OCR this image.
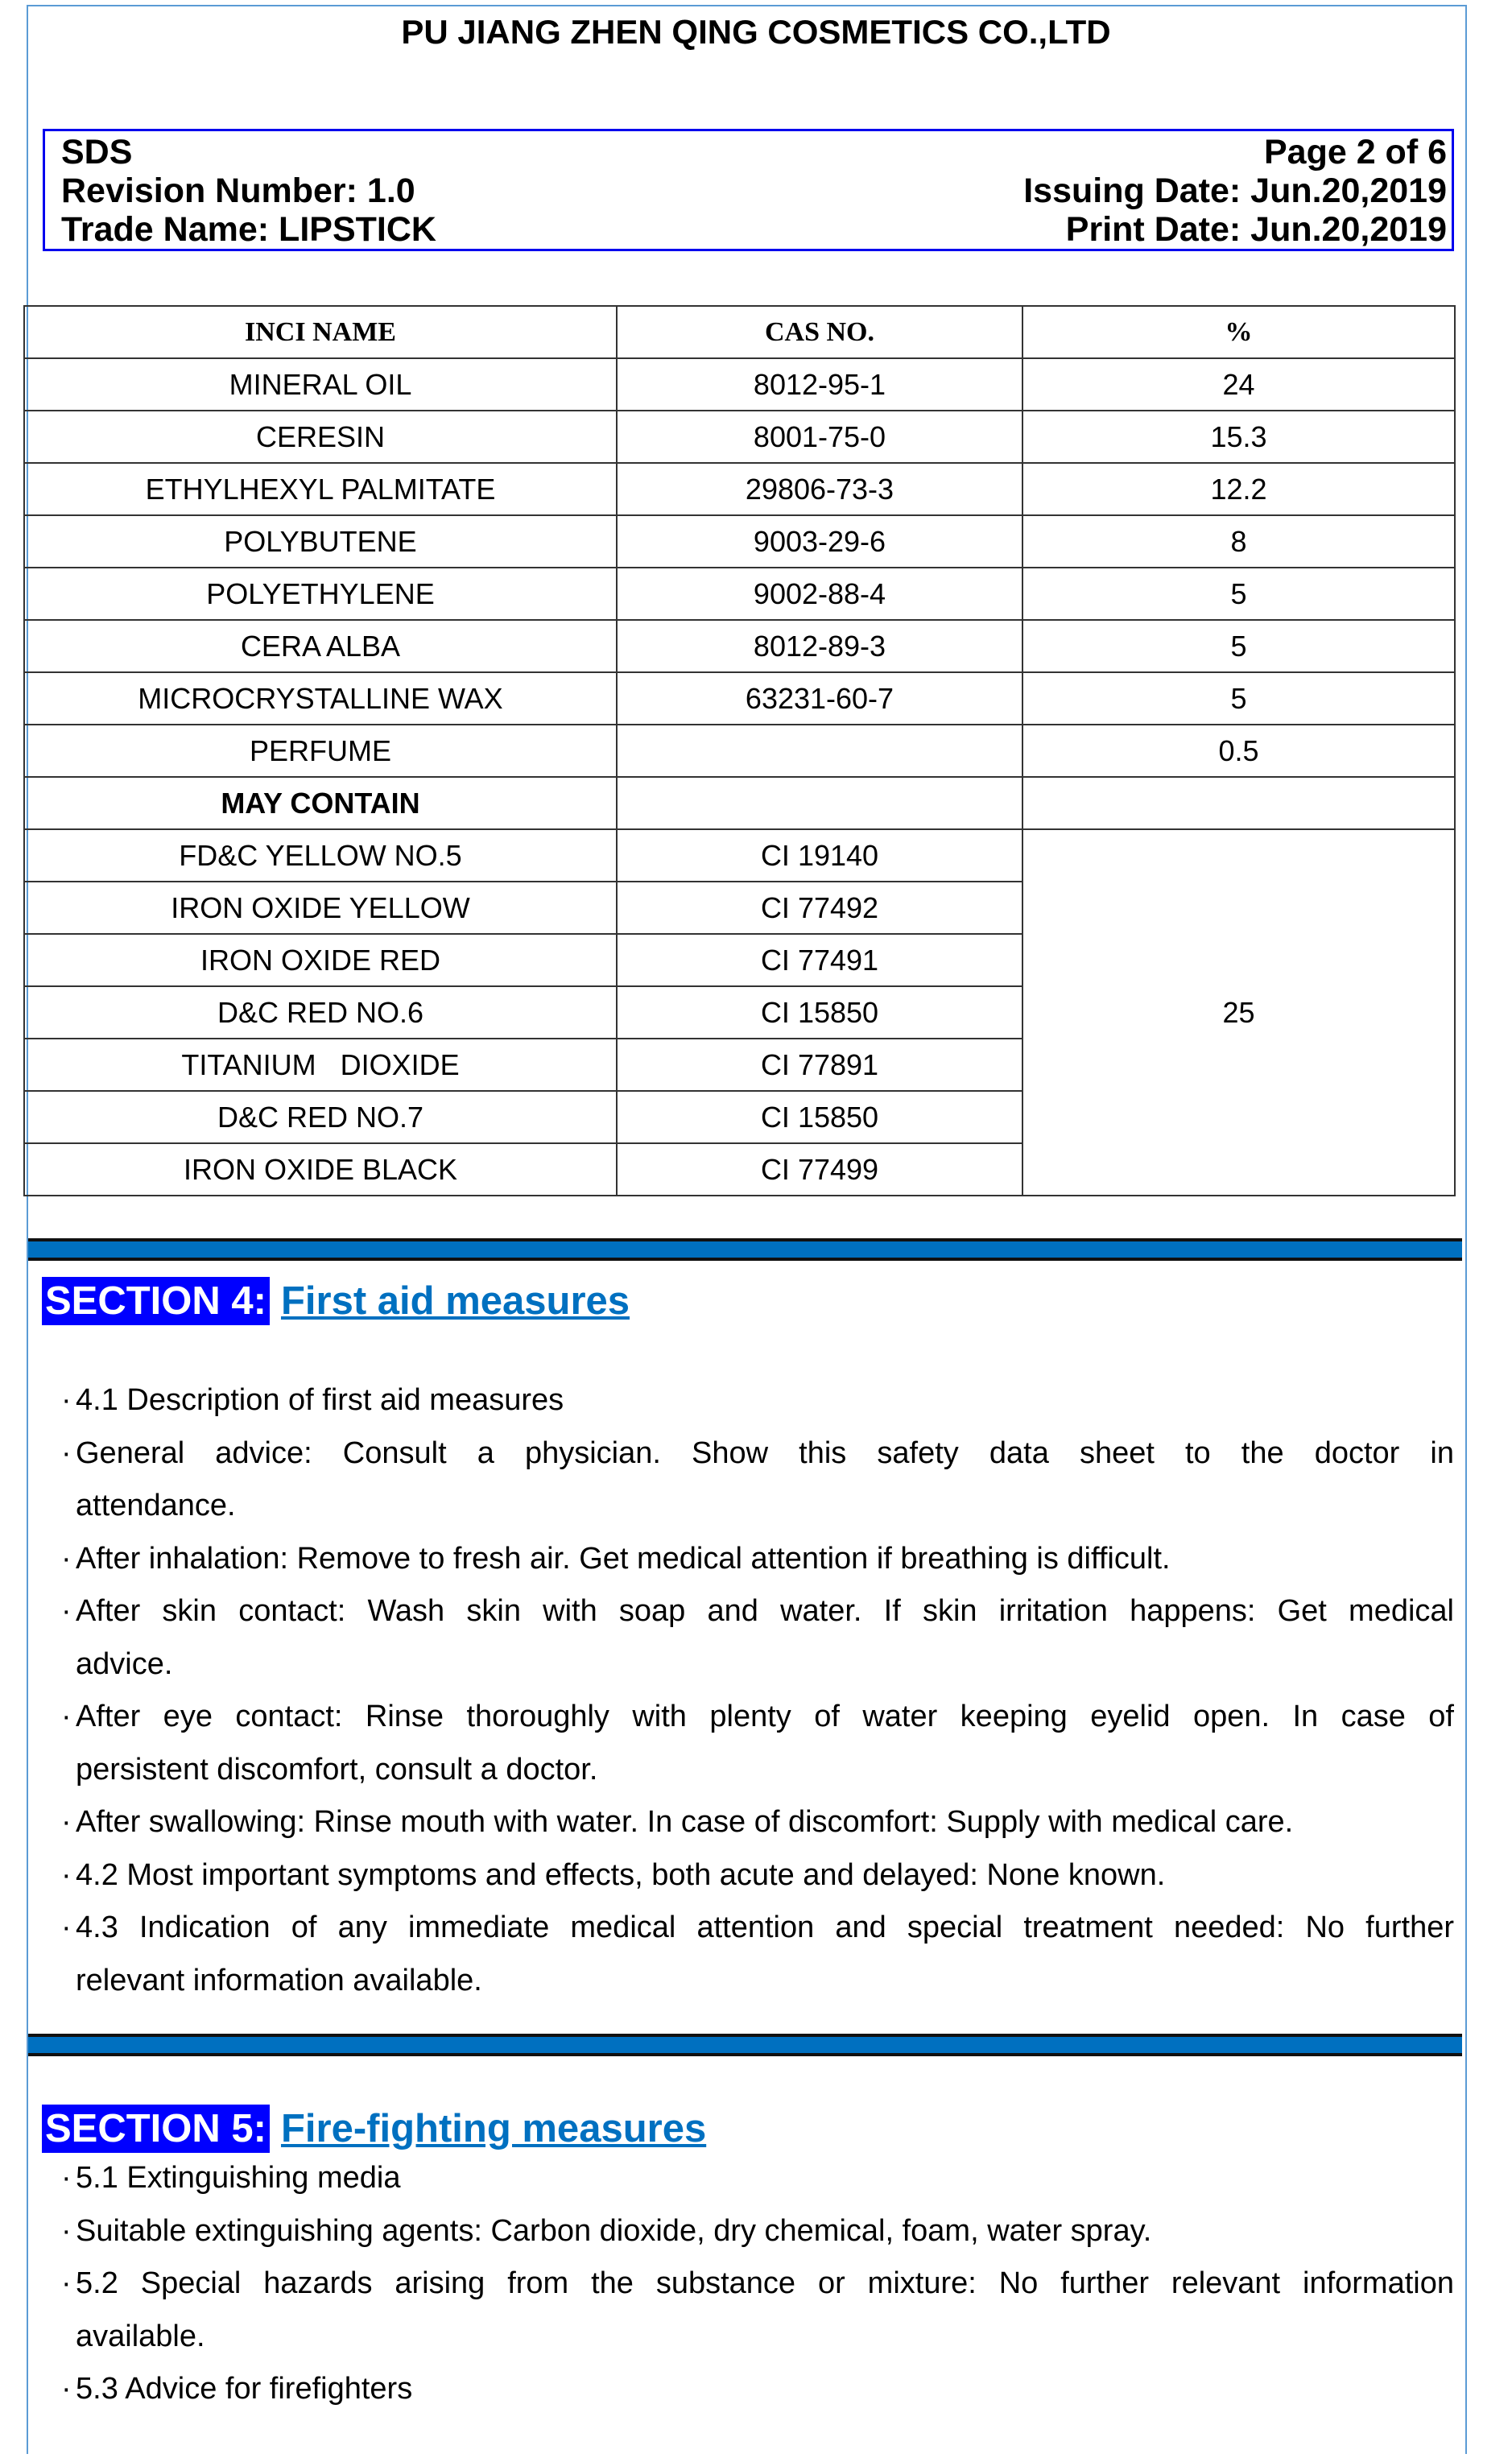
PU JIANG ZHEN QING COSMETICS CO.,LTD
SDS	Page 2 of 6
Revision Number: 1.0	Issuing Date: Jun.20,2019
Trade Name: LIPSTICK	Print Date: Jun.20,2019
INCI NAME	CAS NO.	%
MINERAL OIL	8012-95-1	24
CERESIN	8001-75-0	15.3
ETHYLHEXYL PALMITATE	29806-73-3	12.2
POLYBUTENE	9003-29-6	8
POLYETHYLENE	9002-88-4	5
CERA ALBA	8012-89-3	5
MICROCRYSTALLINE WAX	63231-60-7	5
PERFUME		0.5
MAY CONTAIN		
FD&C YELLOW NO.5	CI 19140	25
IRON OXIDE YELLOW	CI 77492	
IRON OXIDE RED	CI 77491	
D&C RED NO.6	CI 15850	
TITANIUM   DIOXIDE	CI 77891	
D&C RED NO.7	CI 15850	
IRON OXIDE BLACK	CI 77499	
SECTION 4: First aid measures
· 4.1 Description of first aid measures
· General advice: Consult a physician. Show this safety data sheet to the doctor in
attendance.
· After inhalation: Remove to fresh air. Get medical attention if breathing is difficult.
· After skin contact: Wash skin with soap and water. If skin irritation happens: Get medical
advice.
· After eye contact: Rinse thoroughly with plenty of water keeping eyelid open. In case of
persistent discomfort, consult a doctor.
· After swallowing: Rinse mouth with water. In case of discomfort: Supply with medical care.
· 4.2 Most important symptoms and effects, both acute and delayed: None known.
· 4.3 Indication of any immediate medical attention and special treatment needed: No further
relevant information available.
SECTION 5: Fire-fighting measures
· 5.1 Extinguishing media
· Suitable extinguishing agents: Carbon dioxide, dry chemical, foam, water spray.
· 5.2 Special hazards arising from the substance or mixture: No further relevant information
available.
· 5.3 Advice for firefighters
